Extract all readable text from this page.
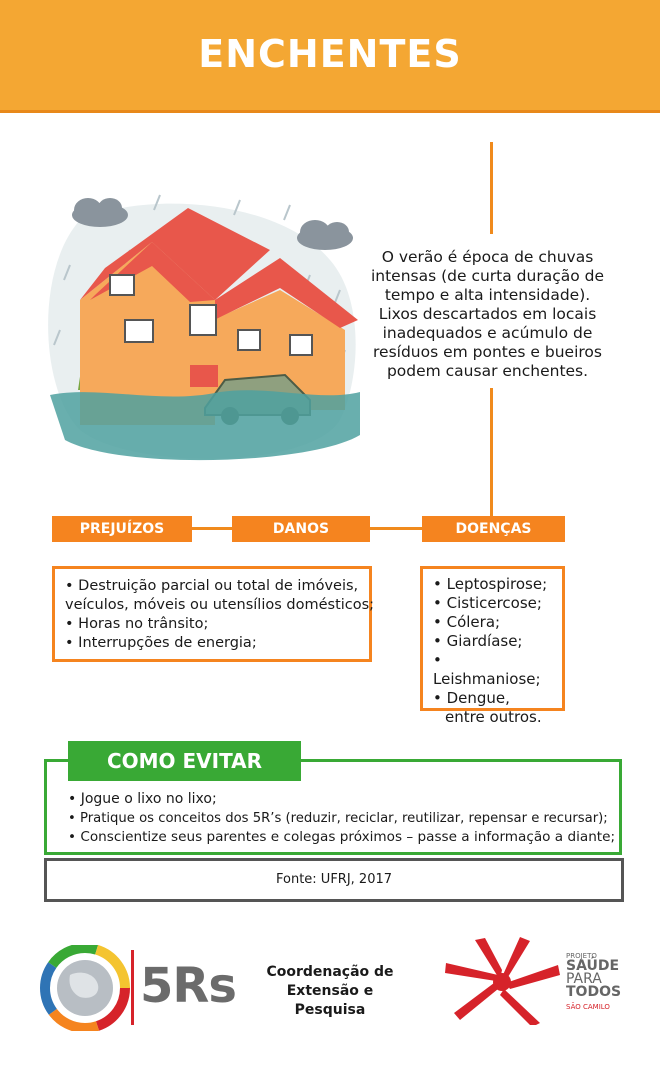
ENCHENTES
O verão é época de chuvas
intensas (de curta duração de
tempo e alta intensidade).
Lixos descartados em locais
inadequados e acúmulo de
resíduos em pontes e bueiros
podem causar enchentes.
PREJUÍZOS	DANOS MATERIAIS
DOENÇAS
• Destruição parcial ou total de imóveis,
veículos, móveis ou utensílios domésticos;
• Horas no trânsito;
• Interrupções de energia;
• Leptospirose;
• Cisticercose;
• Cólera;
• Giardíase;
• Leishmaniose;
• Dengue,
entre outros.
COMO EVITAR
• Jogue o lixo no lixo;
• Pratique os conceitos dos 5R’s (reduzir, reciclar, reutilizar, repensar e recursar);
• Conscientize seus parentes e colegas próximos – passe a informação a diante;
Fonte: UFRJ, 2017
5Rs Coordenação de
Extensão e
Pesquisa
PROJETO
SAÚDE
PARA
TODOS
SÃO CAMILO
